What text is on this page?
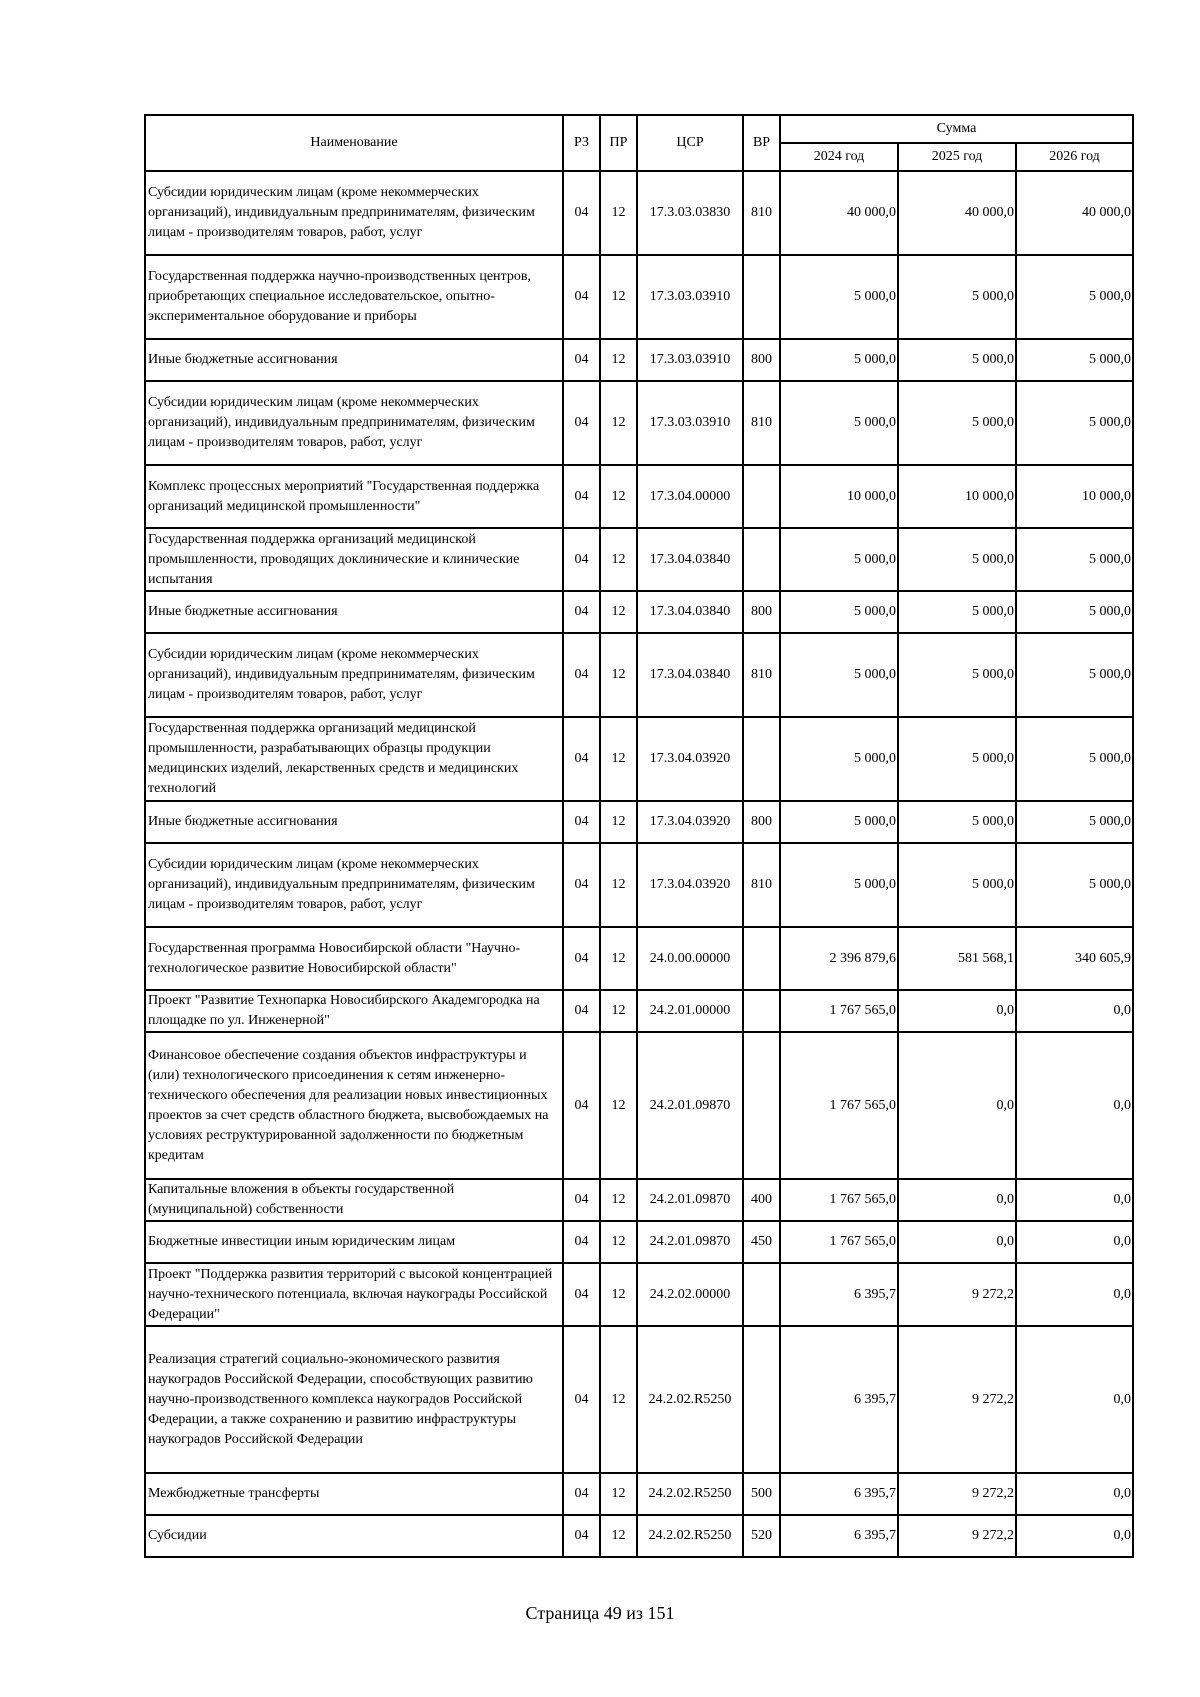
Наименование	РЗ	ПР	ЦСР	ВР	Сумма		
					2024 год	2025 год	2026 год
Субсидии юридическим лицам (кроме некоммерческих организаций), индивидуальным предпринимателям, физическим лицам - производителям товаров, работ, услуг	04	12	17.3.03.03830	810	40 000,0	40 000,0	40 000,0
Государственная поддержка научно-производственных центров, приобретающих специальное исследовательское, опытно-экспериментальное оборудование и приборы	04	12	17.3.03.03910		5 000,0	5 000,0	5 000,0
Иные бюджетные ассигнования	04	12	17.3.03.03910	800	5 000,0	5 000,0	5 000,0
Субсидии юридическим лицам (кроме некоммерческих организаций), индивидуальным предпринимателям, физическим лицам - производителям товаров, работ, услуг	04	12	17.3.03.03910	810	5 000,0	5 000,0	5 000,0
Комплекс процессных мероприятий "Государственная поддержка организаций медицинской промышленности"	04	12	17.3.04.00000		10 000,0	10 000,0	10 000,0
Государственная поддержка организаций медицинской промышленности, проводящих доклинические и клинические испытания	04	12	17.3.04.03840		5 000,0	5 000,0	5 000,0
Иные бюджетные ассигнования	04	12	17.3.04.03840	800	5 000,0	5 000,0	5 000,0
Субсидии юридическим лицам (кроме некоммерческих организаций), индивидуальным предпринимателям, физическим лицам - производителям товаров, работ, услуг	04	12	17.3.04.03840	810	5 000,0	5 000,0	5 000,0
Государственная поддержка организаций медицинской промышленности, разрабатывающих образцы продукции медицинских изделий, лекарственных средств и медицинских технологий	04	12	17.3.04.03920		5 000,0	5 000,0	5 000,0
Иные бюджетные ассигнования	04	12	17.3.04.03920	800	5 000,0	5 000,0	5 000,0
Субсидии юридическим лицам (кроме некоммерческих организаций), индивидуальным предпринимателям, физическим лицам - производителям товаров, работ, услуг	04	12	17.3.04.03920	810	5 000,0	5 000,0	5 000,0
Государственная программа Новосибирской области "Научно-технологическое развитие Новосибирской области"	04	12	24.0.00.00000		2 396 879,6	581 568,1	340 605,9
Проект "Развитие Технопарка Новосибирского Академгородка на площадке по ул. Инженерной"	04	12	24.2.01.00000		1 767 565,0	0,0	0,0
Финансовое обеспечение создания объектов инфраструктуры и (или) технологического присоединения к сетям инженерно-технического обеспечения для реализации новых инвестиционных проектов за счет средств областного бюджета, высвобождаемых на условиях реструктурированной задолженности по бюджетным кредитам	04	12	24.2.01.09870		1 767 565,0	0,0	0,0
Капитальные вложения в объекты государственной (муниципальной) собственности	04	12	24.2.01.09870	400	1 767 565,0	0,0	0,0
Бюджетные инвестиции иным юридическим лицам	04	12	24.2.01.09870	450	1 767 565,0	0,0	0,0
Проект "Поддержка развития территорий с высокой концентрацией научно-технического потенциала, включая наукограды Российской Федерации"	04	12	24.2.02.00000		6 395,7	9 272,2	0,0
Реализация стратегий социально-экономического развития наукоградов Российской Федерации, способствующих развитию научно-производственного комплекса наукоградов Российской Федерации, а также сохранению и развитию инфраструктуры наукоградов Российской Федерации	04	12	24.2.02.R5250		6 395,7	9 272,2	0,0
Межбюджетные трансферты	04	12	24.2.02.R5250	500	6 395,7	9 272,2	0,0
Субсидии	04	12	24.2.02.R5250	520	6 395,7	9 272,2	0,0
Страница 49 из 151
